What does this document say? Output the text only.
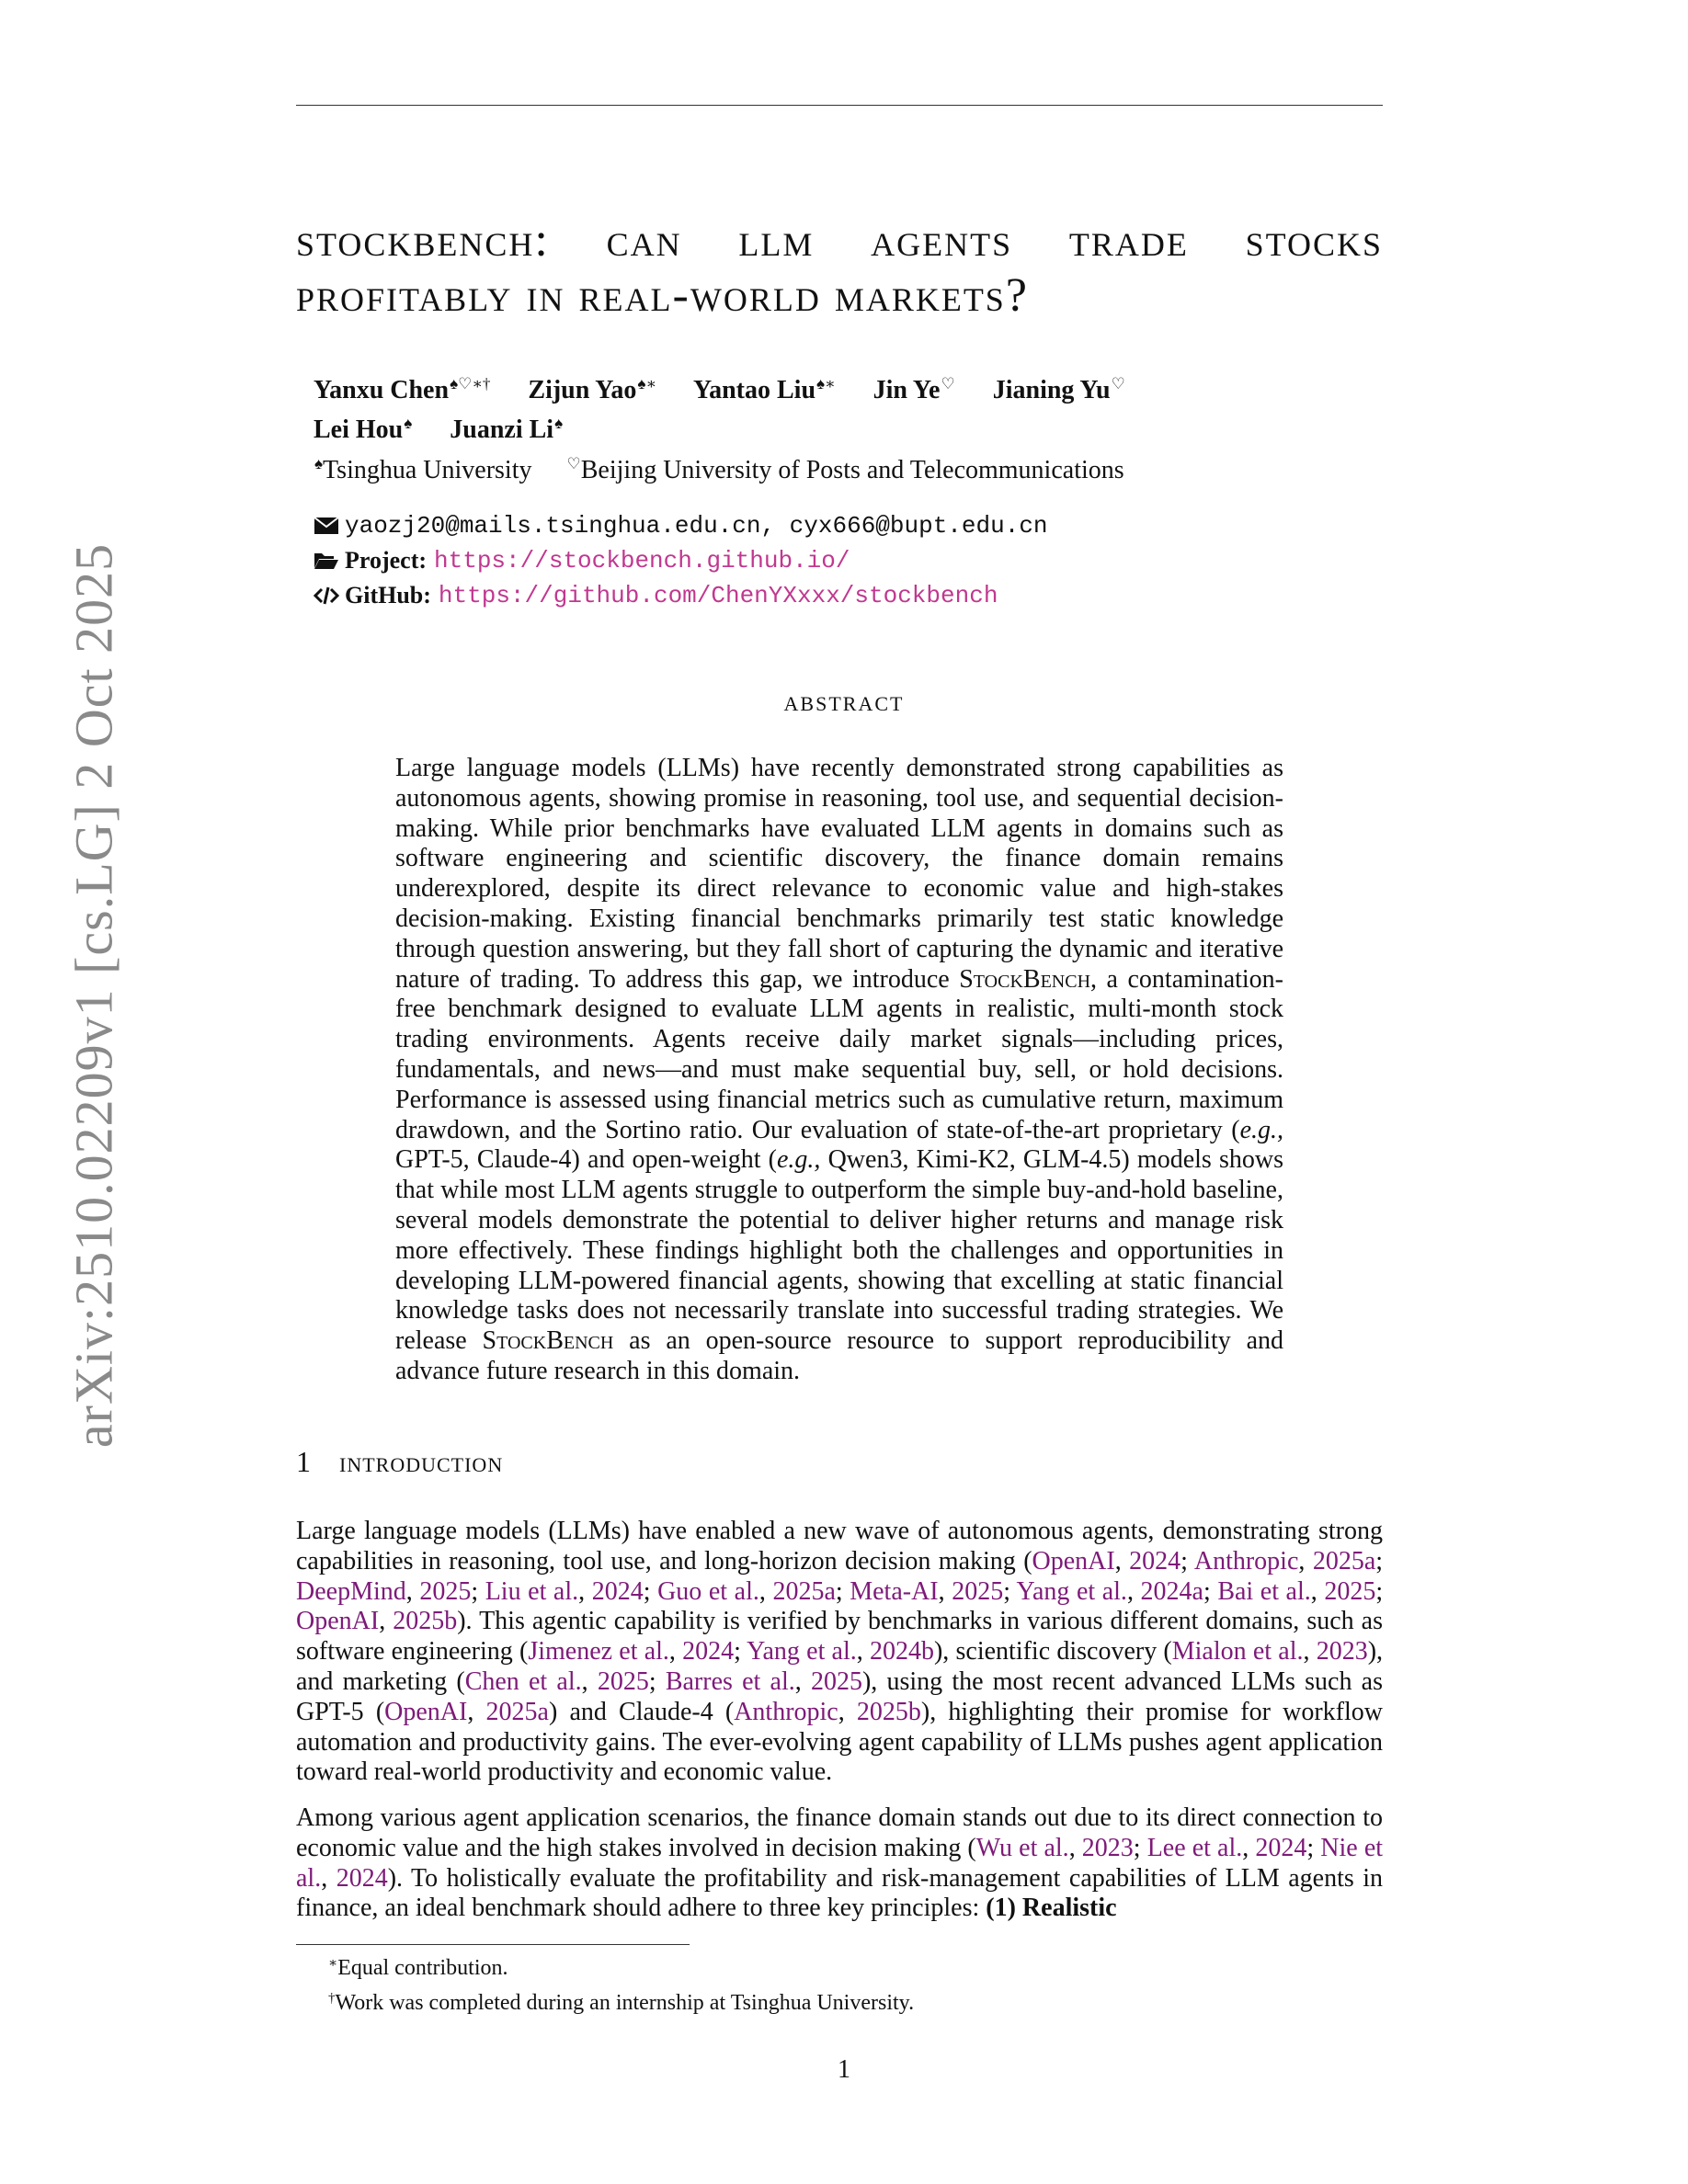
arXiv:2510.02209v1 [cs.LG] 2 Oct 2025
stockbench: can llm agents trade stocks
profitably in real-world markets?
Yanxu Chen♠♡∗† Zijun Yao♠∗ Yantao Liu♠∗ Jin Ye♡ Jianing Yu♡
Lei Hou♠ Juanzi Li♠
♠Tsinghua University ♡Beijing University of Posts and Telecommunications
yaozj20@mails.tsinghua.edu.cn, cyx666@bupt.edu.cn
Project: https://stockbench.github.io/
GitHub: https://github.com/ChenYXxxx/stockbench
abstract
Large language models (LLMs) have recently demonstrated strong capabilities as autonomous agents, showing promise in reasoning, tool use, and sequential decision-making. While prior benchmarks have evaluated LLM agents in domains such as software engineering and scientific discovery, the finance domain remains underexplored, despite its direct relevance to economic value and high-stakes decision-making. Existing financial benchmarks primarily test static knowledge through question answering, but they fall short of capturing the dynamic and iterative nature of trading. To address this gap, we introduce StockBench, a contamination-free benchmark designed to evaluate LLM agents in realistic, multi-month stock trading environments. Agents receive daily market signals—including prices, fundamentals, and news—and must make sequential buy, sell, or hold decisions. Performance is assessed using financial metrics such as cumulative return, maximum drawdown, and the Sortino ratio. Our evaluation of state-of-the-art proprietary (e.g., GPT-5, Claude-4) and open-weight (e.g., Qwen3, Kimi-K2, GLM-4.5) models shows that while most LLM agents struggle to outperform the simple buy-and-hold baseline, several models demonstrate the potential to deliver higher returns and manage risk more effectively. These findings highlight both the challenges and opportunities in developing LLM-powered financial agents, showing that excelling at static financial knowledge tasks does not necessarily translate into successful trading strategies. We release StockBench as an open-source resource to support reproducibility and advance future research in this domain.
1 introduction
Large language models (LLMs) have enabled a new wave of autonomous agents, demonstrating strong capabilities in reasoning, tool use, and long-horizon decision making (OpenAI, 2024; Anthropic, 2025a; DeepMind, 2025; Liu et al., 2024; Guo et al., 2025a; Meta-AI, 2025; Yang et al., 2024a; Bai et al., 2025; OpenAI, 2025b). This agentic capability is verified by benchmarks in various different domains, such as software engineering (Jimenez et al., 2024; Yang et al., 2024b), scientific discovery (Mialon et al., 2023), and marketing (Chen et al., 2025; Barres et al., 2025), using the most recent advanced LLMs such as GPT-5 (OpenAI, 2025a) and Claude-4 (Anthropic, 2025b), highlighting their promise for workflow automation and productivity gains. The ever-evolving agent capability of LLMs pushes agent application toward real-world productivity and economic value.
Among various agent application scenarios, the finance domain stands out due to its direct connection to economic value and the high stakes involved in decision making (Wu et al., 2023; Lee et al., 2024; Nie et al., 2024). To holistically evaluate the profitability and risk-management capabilities of LLM agents in finance, an ideal benchmark should adhere to three key principles: (1) Realistic
∗Equal contribution.
†Work was completed during an internship at Tsinghua University.
1
